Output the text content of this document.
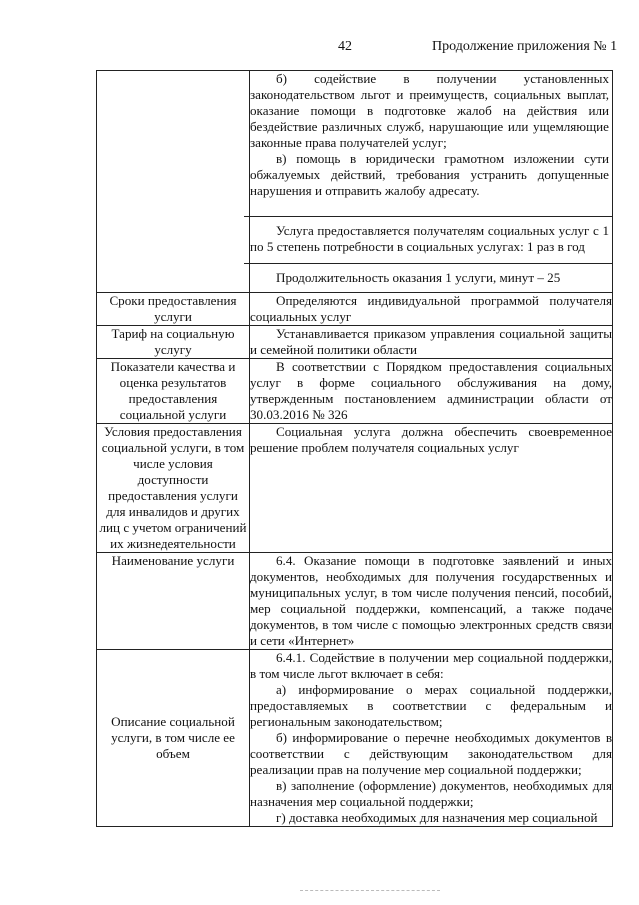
42	Продолжение приложения № 1

	б) содействие в получении установленных законодательством льгот и преимуществ, социальных выплат, оказание помощи в подготовке жалоб на действия или бездействие различных служб, нарушающие или ущемляющие законные права получателей услуг;
в) помощь в юридически грамотном изложении сути обжалуемых действий, требования устранить допущенные нарушения и отправить жалобу адресату.
Услуга предоставляется получателям социальных услуг с 1 по 5 степень потребности в социальных услугах: 1 раз в год
Продолжительность оказания 1 услуги, минут – 25

Сроки предоставления услуги	Определяются индивидуальной программой получателя социальных услуг

Тариф на социальную услугу	Устанавливается приказом управления социальной защиты и семейной политики области

Показатели качества и оценка результатов предоставления социальной услуги	В соответствии с Порядком предоставления социальных услуг в форме социального обслуживания на дому, утвержденным постановлением администрации области от 30.03.2016 № 326

Условия предоставления социальной услуги, в том числе условия доступности предоставления услуги для инвалидов и других лиц с учетом ограничений их жизнедеятельности	Социальная услуга должна обеспечить своевременное решение проблем получателя социальных услуг

Наименование услуги	6.4. Оказание помощи в подготовке заявлений и иных документов, необходимых для получения государственных и муниципальных услуг, в том числе получения пенсий, пособий, мер социальной поддержки, компенсаций, а также подаче документов, в том числе с помощью электронных средств связи и сети «Интернет»

Описание социальной услуги, в том числе ее объем	6.4.1. Содействие в получении мер социальной поддержки, в том числе льгот включает в себя:
а) информирование о мерах социальной поддержки, предоставляемых в соответствии с федеральным и региональным законодательством;
б) информирование о перечне необходимых документов в соответствии с действующим законодательством для реализации прав на получение мер социальной поддержки;
в) заполнение (оформление) документов, необходимых для назначения мер социальной поддержки;
г) доставка необходимых для назначения мер социальной
